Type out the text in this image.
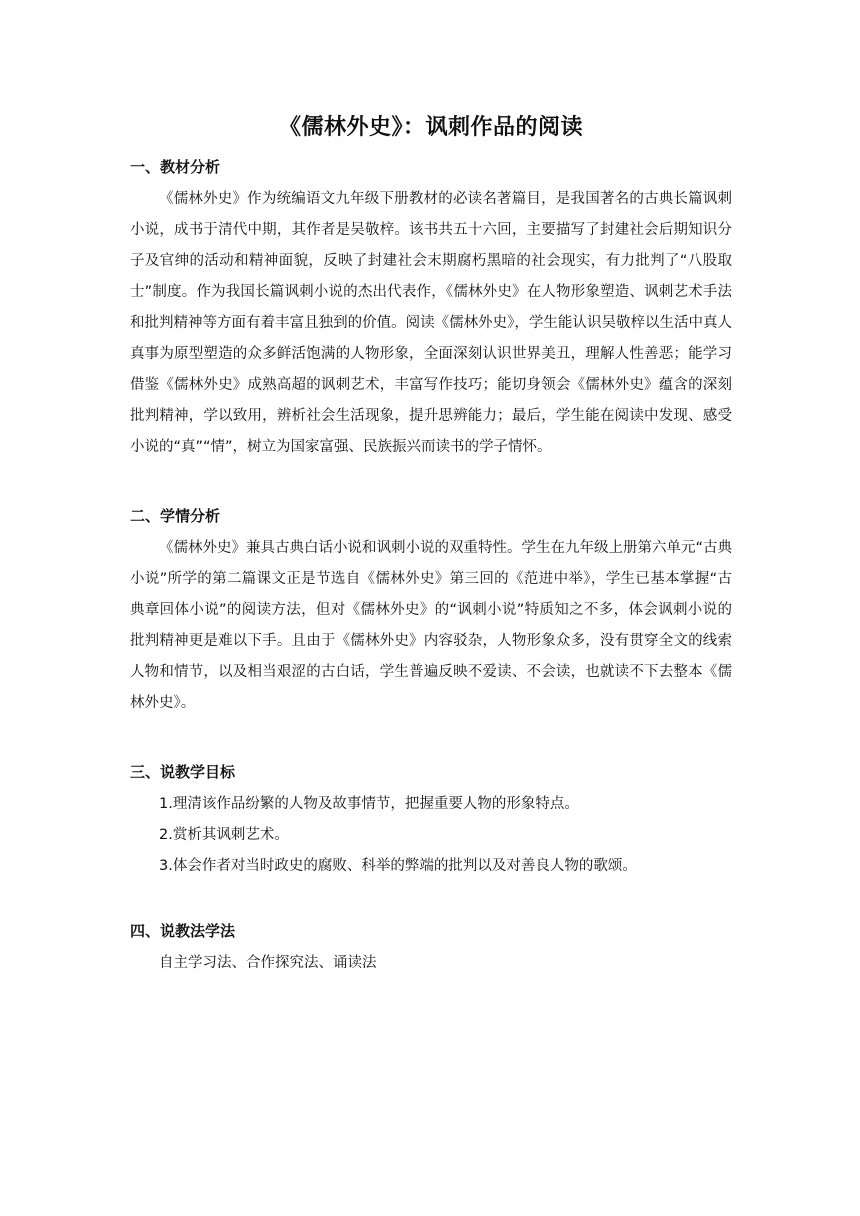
《儒林外史》：讽刺作品的阅读
一、教材分析

《儒林外史》作为统编语文九年级下册教材的必读名著篇目，是我国著名的古典长篇讽刺小说，成书于清代中期，其作者是吴敬梓。该书共五十六回，主要描写了封建社会后期知识分子及官绅的活动和精神面貌，反映了封建社会末期腐朽黑暗的社会现实，有力批判了“八股取士”制度。作为我国长篇讽刺小说的杰出代表作，《儒林外史》在人物形象塑造、讽刺艺术手法和批判精神等方面有着丰富且独到的价值。阅读《儒林外史》，学生能认识吴敬梓以生活中真人真事为原型塑造的众多鲜活饱满的人物形象，全面深刻认识世界美丑，理解人性善恶；能学习借鉴《儒林外史》成熟高超的讽刺艺术，丰富写作技巧；能切身领会《儒林外史》蕴含的深刻批判精神，学以致用，辨析社会生活现象，提升思辨能力；最后，学生能在阅读中发现、感受小说的“真”“情”，树立为国家富强、民族振兴而读书的学子情怀。

二、学情分析

《儒林外史》兼具古典白话小说和讽刺小说的双重特性。学生在九年级上册第六单元“古典小说”所学的第二篇课文正是节选自《儒林外史》第三回的《范进中举》，学生已基本掌握“古典章回体小说”的阅读方法，但对《儒林外史》的“讽刺小说”特质知之不多，体会讽刺小说的批判精神更是难以下手。且由于《儒林外史》内容驳杂，人物形象众多，没有贯穿全文的线索人物和情节，以及相当艰涩的古白话，学生普遍反映不爱读、不会读，也就读不下去整本《儒林外史》。

三、说教学目标

1.理清该作品纷繁的人物及故事情节，把握重要人物的形象特点。

2.赏析其讽刺艺术。

3.体会作者对当时政史的腐败、科举的弊端的批判以及对善良人物的歌颂。

四、说教法学法

自主学习法、合作探究法、诵读法
